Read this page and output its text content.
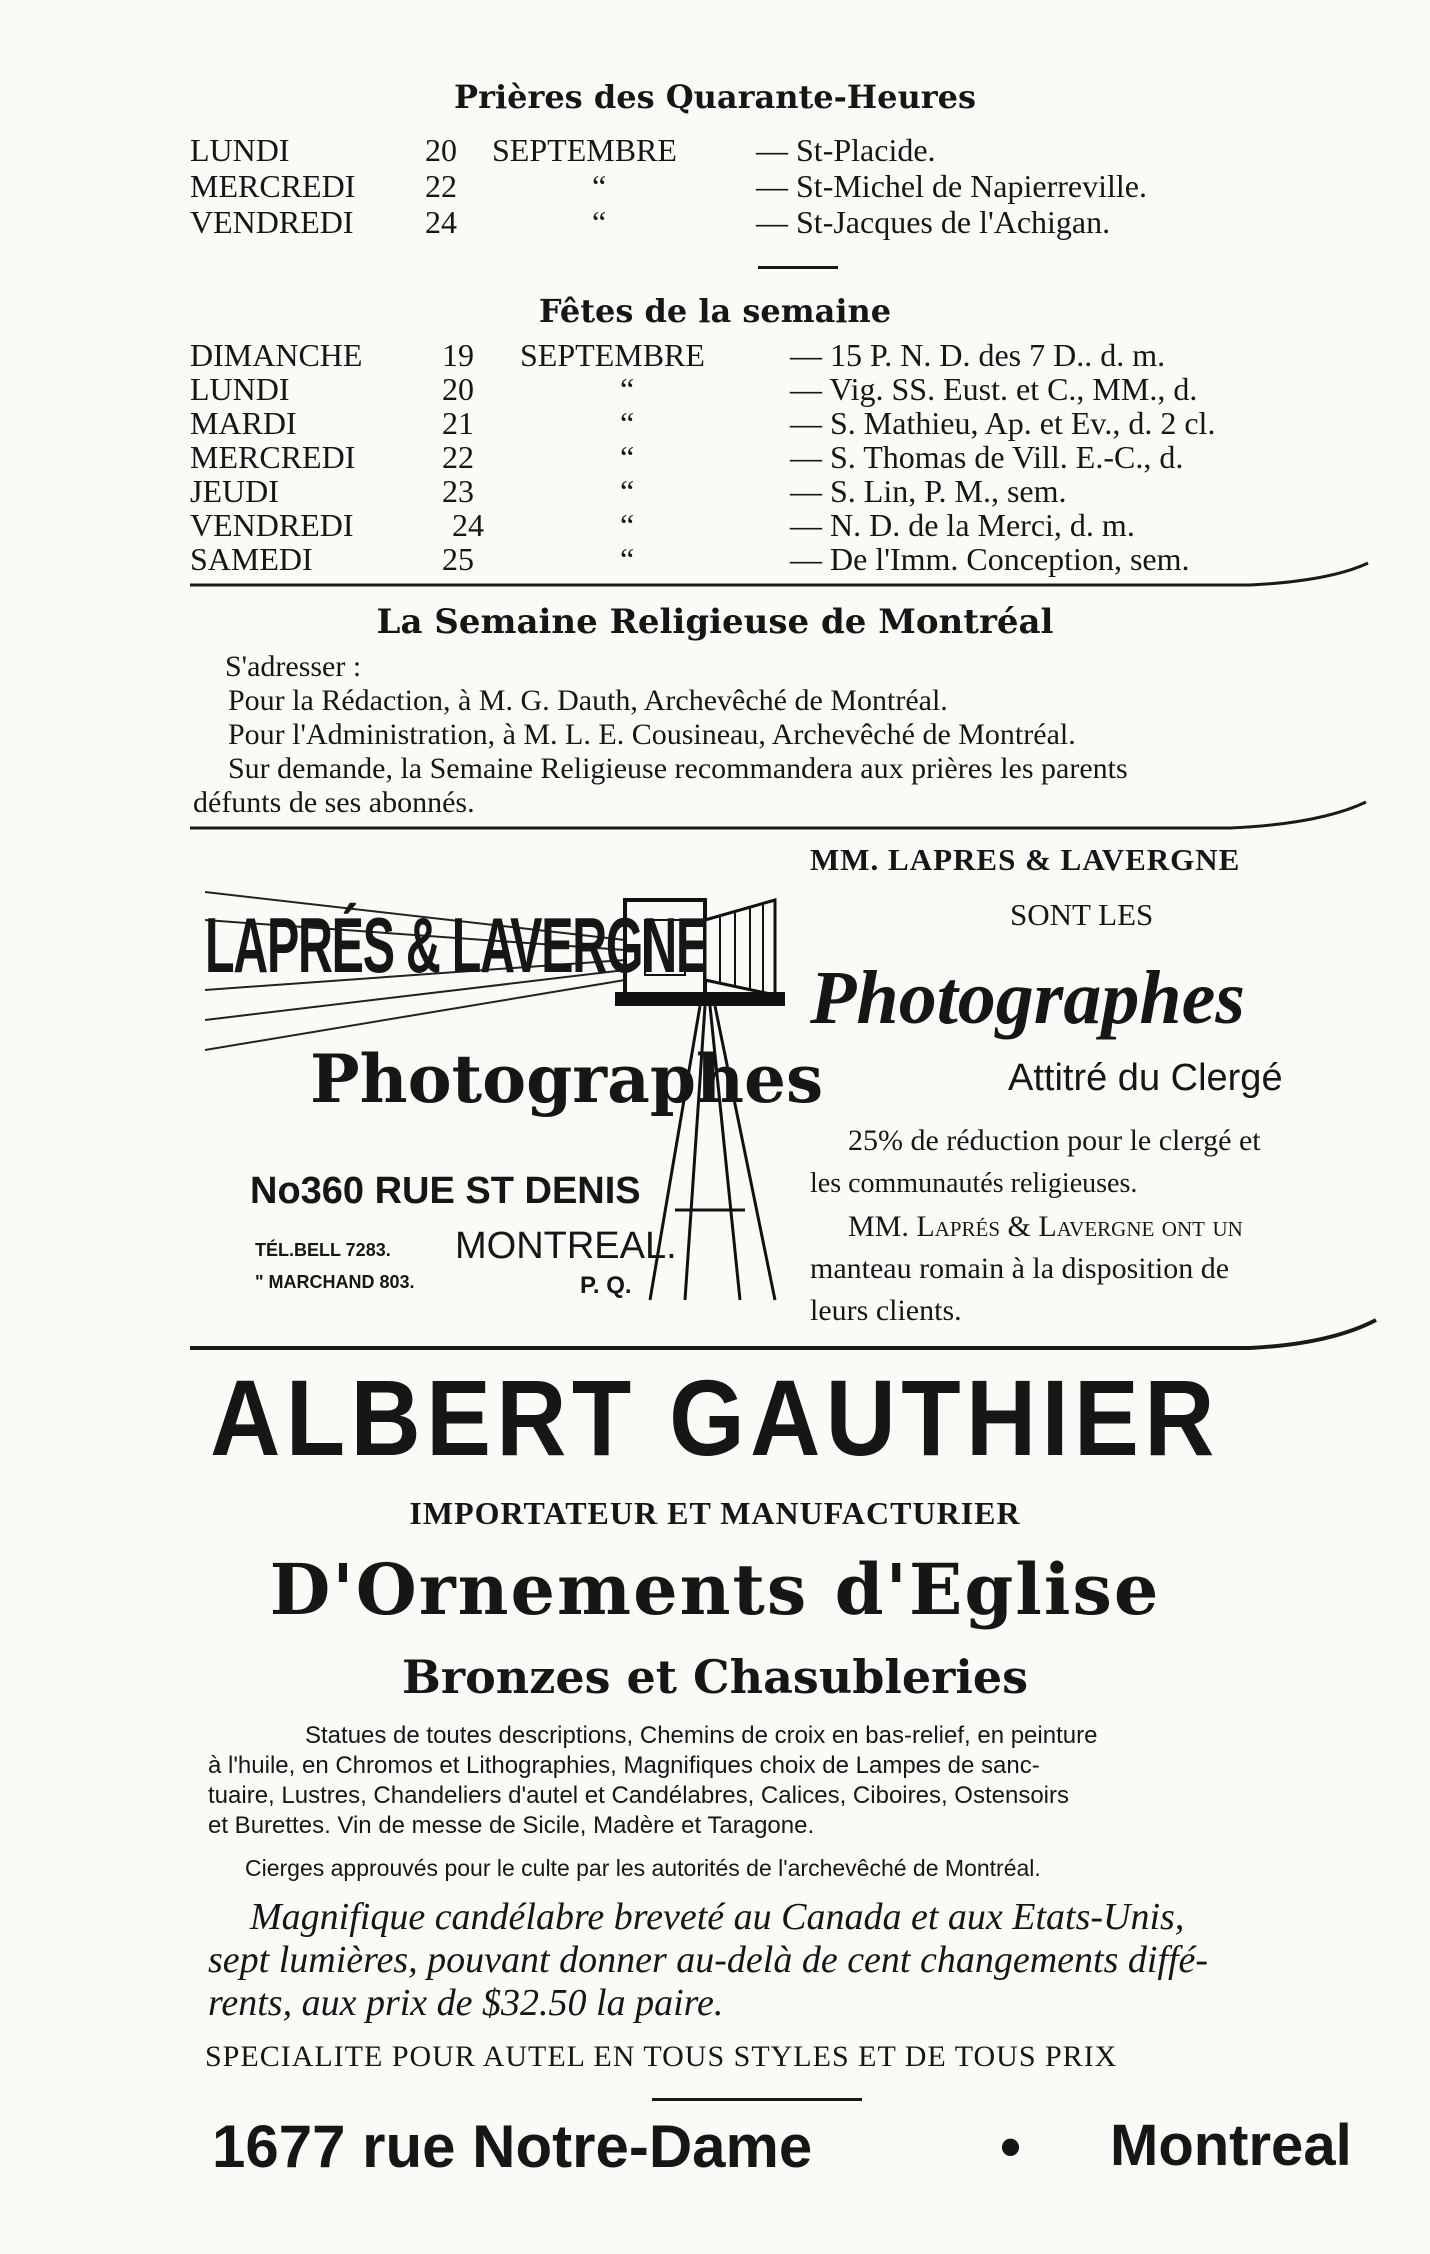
Prières des Quarante-Heures
LUNDI	20 SEPTEMBRE — St-Placide.
MERCREDI 22	“	— St-Michel de Napierreville.
VENDREDI 24	“	— St-Jacques de l'Achigan.
Fêtes de la semaine
DIMANCHE 19 SEPTEMBRE	— 15 P. N. D. des 7 D.. d. m.
LUNDI	20	“	— Vig. SS. Eust. et C., MM., d.
MARDI	21	“	— S. Mathieu, Ap. et Ev., d. 2 cl.
MERCREDI	22	“	— S. Thomas de Vill. E.-C., d.
JEUDI	23	“	— S. Lin, P. M., sem.
VENDREDI	24	“	— N. D. de la Merci, d. m.
SAMEDI	25	“	— De l'Imm. Conception, sem.
La Semaine Religieuse de Montréal
S'adresser :
Pour la Rédaction, à M. G. Dauth, Archevêché de Montréal.
Pour l'Administration, à M. L. E. Cousineau, Archevêché de Montréal.
Sur demande, la Semaine Religieuse recommandera aux prières les parents
défunts de ses abonnés.
LAPRÉS & LAVERGNE
Photographes
No360 RUE ST DENIS
TÉL.BELL 7283.
" MARCHAND 803.
MONTREAL.
P. Q.
MM. LAPRES & LAVERGNE
SONT LES
Photographes
Attitré du Clergé
25% de réduction pour le clergé et
les communautés religieuses.
MM. Laprés & Lavergne ont un
manteau romain à la disposition de
leurs clients.
ALBERT GAUTHIER
IMPORTATEUR ET MANUFACTURIER
D'Ornements d'Eglise
Bronzes et Chasubleries
Statues de toutes descriptions, Chemins de croix en bas-relief, en peinture
à l'huile, en Chromos et Lithographies, Magnifiques choix de Lampes de sanc-
tuaire, Lustres, Chandeliers d'autel et Candélabres, Calices, Ciboires, Ostensoirs
et Burettes. Vin de messe de Sicile, Madère et Taragone.
Cierges approuvés pour le culte par les autorités de l'archevêché de Montréal.
Magnifique candélabre breveté au Canada et aux Etats-Unis,
sept lumières, pouvant donner au-delà de cent changements diffé-
rents, aux prix de $32.50 la paire.
SPECIALITE POUR AUTEL EN TOUS STYLES ET DE TOUS PRIX
1677 rue Notre-Dame	• Montreal
